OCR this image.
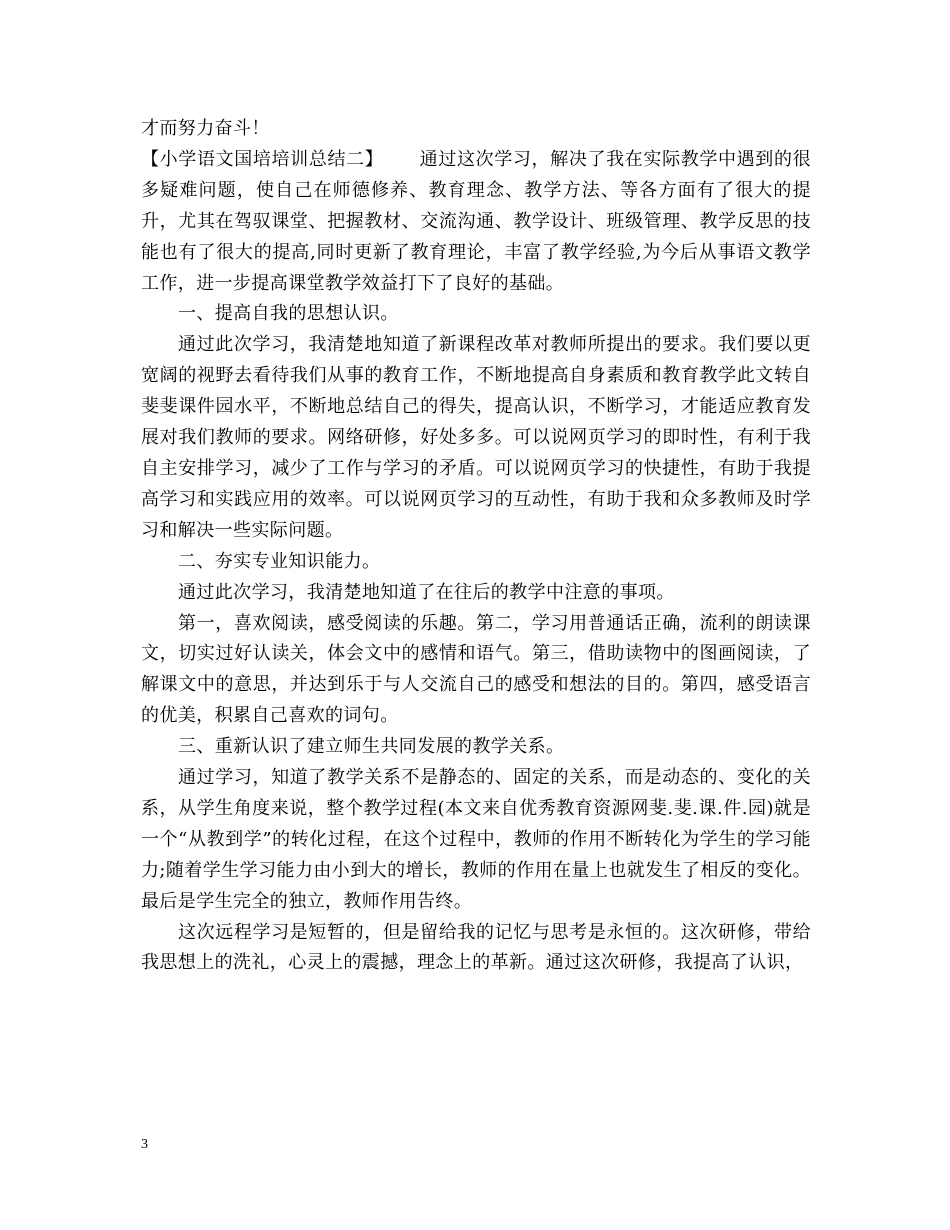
才而努力奋斗！

【小学语文国培培训总结二】 通过这次学习，解决了我在实际教学中遇到的很多疑难问题，使自己在师德修养、教育理念、教学方法、等各方面有了很大的提升，尤其在驾驭课堂、把握教材、交流沟通、教学设计、班级管理、教学反思的技能也有了很大的提高,同时更新了教育理论，丰富了教学经验,为今后从事语文教学工作，进一步提高课堂教学效益打下了良好的基础。

一、提高自我的思想认识。

通过此次学习，我清楚地知道了新课程改革对教师所提出的要求。我们要以更宽阔的视野去看待我们从事的教育工作，不断地提高自身素质和教育教学此文转自斐斐课件园水平，不断地总结自己的得失，提高认识，不断学习，才能适应教育发展对我们教师的要求。网络研修，好处多多。可以说网页学习的即时性，有利于我自主安排学习，减少了工作与学习的矛盾。可以说网页学习的快捷性，有助于我提高学习和实践应用的效率。可以说网页学习的互动性，有助于我和众多教师及时学习和解决一些实际问题。

二、夯实专业知识能力。

通过此次学习，我清楚地知道了在往后的教学中注意的事项。

第一，喜欢阅读，感受阅读的乐趣。第二，学习用普通话正确，流利的朗读课文，切实过好认读关，体会文中的感情和语气。第三，借助读物中的图画阅读，了解课文中的意思，并达到乐于与人交流自己的感受和想法的目的。第四，感受语言的优美，积累自己喜欢的词句。

三、重新认识了建立师生共同发展的教学关系。

通过学习，知道了教学关系不是静态的、固定的关系，而是动态的、变化的关系，从学生角度来说，整个教学过程(本文来自优秀教育资源网斐.斐.课.件.园)就是一个“从教到学”的转化过程，在这个过程中，教师的作用不断转化为学生的学习能力;随着学生学习能力由小到大的增长，教师的作用在量上也就发生了相反的变化。最后是学生完全的独立，教师作用告终。

这次远程学习是短暂的，但是留给我的记忆与思考是永恒的。这次研修，带给我思想上的洗礼，心灵上的震撼，理念上的革新。通过这次研修，我提高了认识，

3
